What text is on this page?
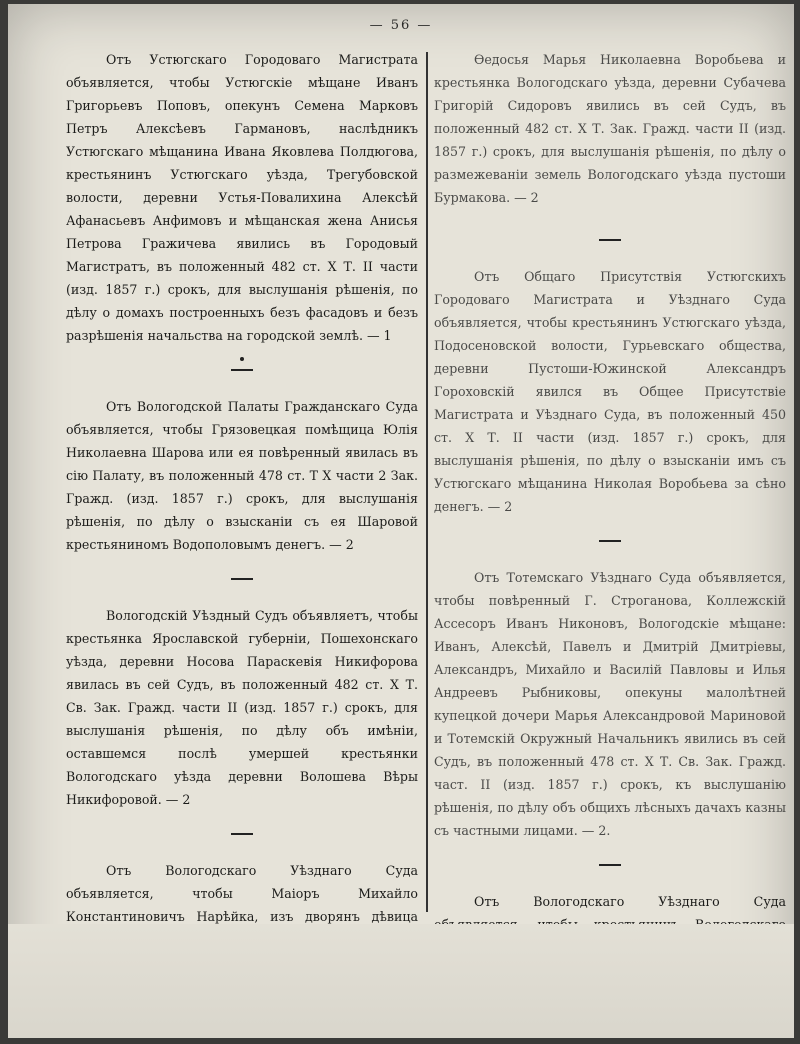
— 56 —

Отъ Устюгскаго Городоваго Магистрата объявляется, чтобы Устюгскіе мѣщане Иванъ Григорьевъ Поповъ, опекунъ Семена Марковъ Петръ Алексѣевъ Гармановъ, наслѣдникъ Устюгскаго мѣщанина Ивана Яковлева Полдюгова, крестьянинъ Устюгскаго уѣзда, Трегубовской волости, деревни Устья-Повалихина Алексѣй Афанасьевъ Анфимовъ и мѣщанская жена Анисья Петрова Гражичева явились въ Городовый Магистратъ, въ положенный 482 ст. X Т. II части (изд. 1857 г.) срокъ, для выслушанія рѣшенія, по дѣлу о домахъ построенныхъ безъ фасадовъ и безъ разрѣшенія начальства на городской землѣ. — 1

Отъ Вологодской Палаты Гражданскаго Суда объявляется, чтобы Грязовецкая помѣщица Юлія Николаевна Шарова или ея повѣренный явилась въ сію Палату, въ положенный 478 ст. Т X части 2 Зак. Гражд. (изд. 1857 г.) срокъ, для выслушанія рѣшенія, по дѣлу о взысканіи съ ея Шаровой крестьяниномъ Водополовымъ денегъ. — 2

Вологодскій Уѣздный Судъ объявляетъ, чтобы крестьянка Ярославской губерніи, Пошехонскаго уѣзда, деревни Носова Параскевія Никифорова явилась въ сей Судъ, въ положенный 482 ст. X Т. Св. Зак. Гражд. части II (изд. 1857 г.) срокъ, для выслушанія рѣшенія, по дѣлу объ имѣніи, оставшемся послѣ умершей крестьянки Вологодскаго уѣзда деревни Волошева Вѣры Никифоровой. — 2

Отъ Вологодскаго Уѣзднаго Суда объявляется, чтобы Маіоръ Михайло Константиновичъ Нарѣйка, изъ дворянъ дѣвица

Ѳедосья Марья Николаевна Воробьева и крестьянка Вологодскаго уѣзда, деревни Субачева Григорій Сидоровъ явились въ сей Судъ, въ положенный 482 ст. X Т. Зак. Гражд. части II (изд. 1857 г.) срокъ, для выслушанія рѣшенія, по дѣлу о размежеваніи земель Вологодскаго уѣзда пустоши Бурмакова. — 2

Отъ Общаго Присутствія Устюгскихъ Городоваго Магистрата и Уѣзднаго Суда объявляется, чтобы крестьянинъ Устюгскаго уѣзда, Подосеновской волости, Гурьевскаго общества, деревни Пустоши-Южинской Александръ Гороховскій явился въ Общее Присутствіе Магистрата и Уѣзднаго Суда, въ положенный 450 ст. X Т. II части (изд. 1857 г.) срокъ, для выслушанія рѣшенія, по дѣлу о взысканіи имъ съ Устюгскаго мѣщанина Николая Воробьева за сѣно денегъ. — 2

Отъ Тотемскаго Уѣзднаго Суда объявляется, чтобы повѣренный Г. Строганова, Коллежскій Ассесоръ Иванъ Никоновъ, Вологодскіе мѣщане: Иванъ, Алексѣй, Павелъ и Дмитрій Дмитріевы, Александръ, Михайло и Василій Павловы и Илья Андреевъ Рыбниковы, опекуны малолѣтней купецкой дочери Марья Александровой Мариновой и Тотемскій Окружный Начальникъ явились въ сей Судъ, въ положенный 478 ст. X Т. Св. Зак. Гражд. част. II (изд. 1857 г.) срокъ, къ выслушанію рѣшенія, по дѣлу объ общихъ лѣсныхъ дачахъ казны съ частными лицами. — 2.

Отъ Вологодскаго Уѣзднаго Суда
